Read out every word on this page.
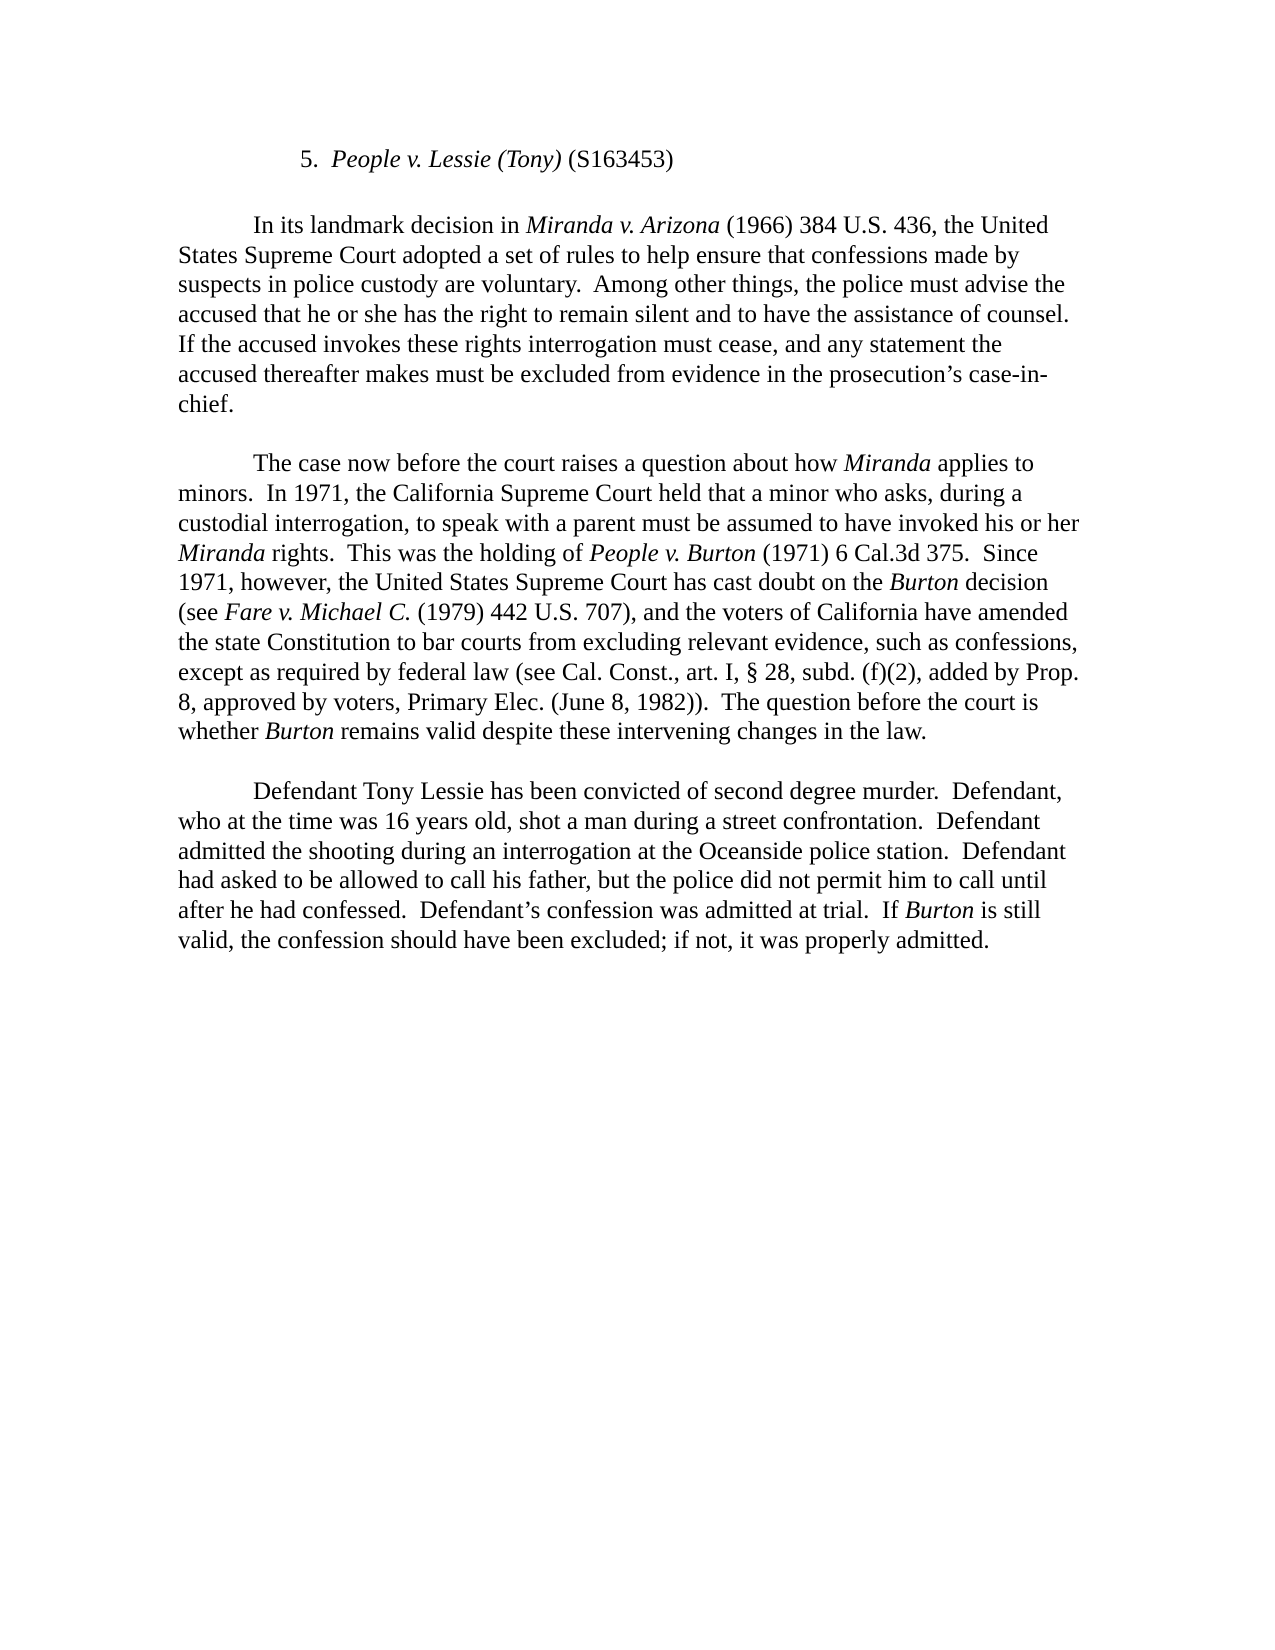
5.  People v. Lessie (Tony) (S163453)

In its landmark decision in Miranda v. Arizona (1966) 384 U.S. 436, the United States Supreme Court adopted a set of rules to help ensure that confessions made by suspects in police custody are voluntary.  Among other things, the police must advise the accused that he or she has the right to remain silent and to have the assistance of counsel.  If the accused invokes these rights interrogation must cease, and any statement the accused thereafter makes must be excluded from evidence in the prosecution’s case-in-chief.

The case now before the court raises a question about how Miranda applies to minors.  In 1971, the California Supreme Court held that a minor who asks, during a custodial interrogation, to speak with a parent must be assumed to have invoked his or her Miranda rights.  This was the holding of People v. Burton (1971) 6 Cal.3d 375.  Since 1971, however, the United States Supreme Court has cast doubt on the Burton decision (see Fare v. Michael C. (1979) 442 U.S. 707), and the voters of California have amended the state Constitution to bar courts from excluding relevant evidence, such as confessions, except as required by federal law (see Cal. Const., art. I, § 28, subd. (f)(2), added by Prop. 8, approved by voters, Primary Elec. (June 8, 1982)).  The question before the court is whether Burton remains valid despite these intervening changes in the law.

Defendant Tony Lessie has been convicted of second degree murder.  Defendant, who at the time was 16 years old, shot a man during a street confrontation.  Defendant admitted the shooting during an interrogation at the Oceanside police station.  Defendant had asked to be allowed to call his father, but the police did not permit him to call until after he had confessed.  Defendant’s confession was admitted at trial.  If Burton is still valid, the confession should have been excluded; if not, it was properly admitted.
